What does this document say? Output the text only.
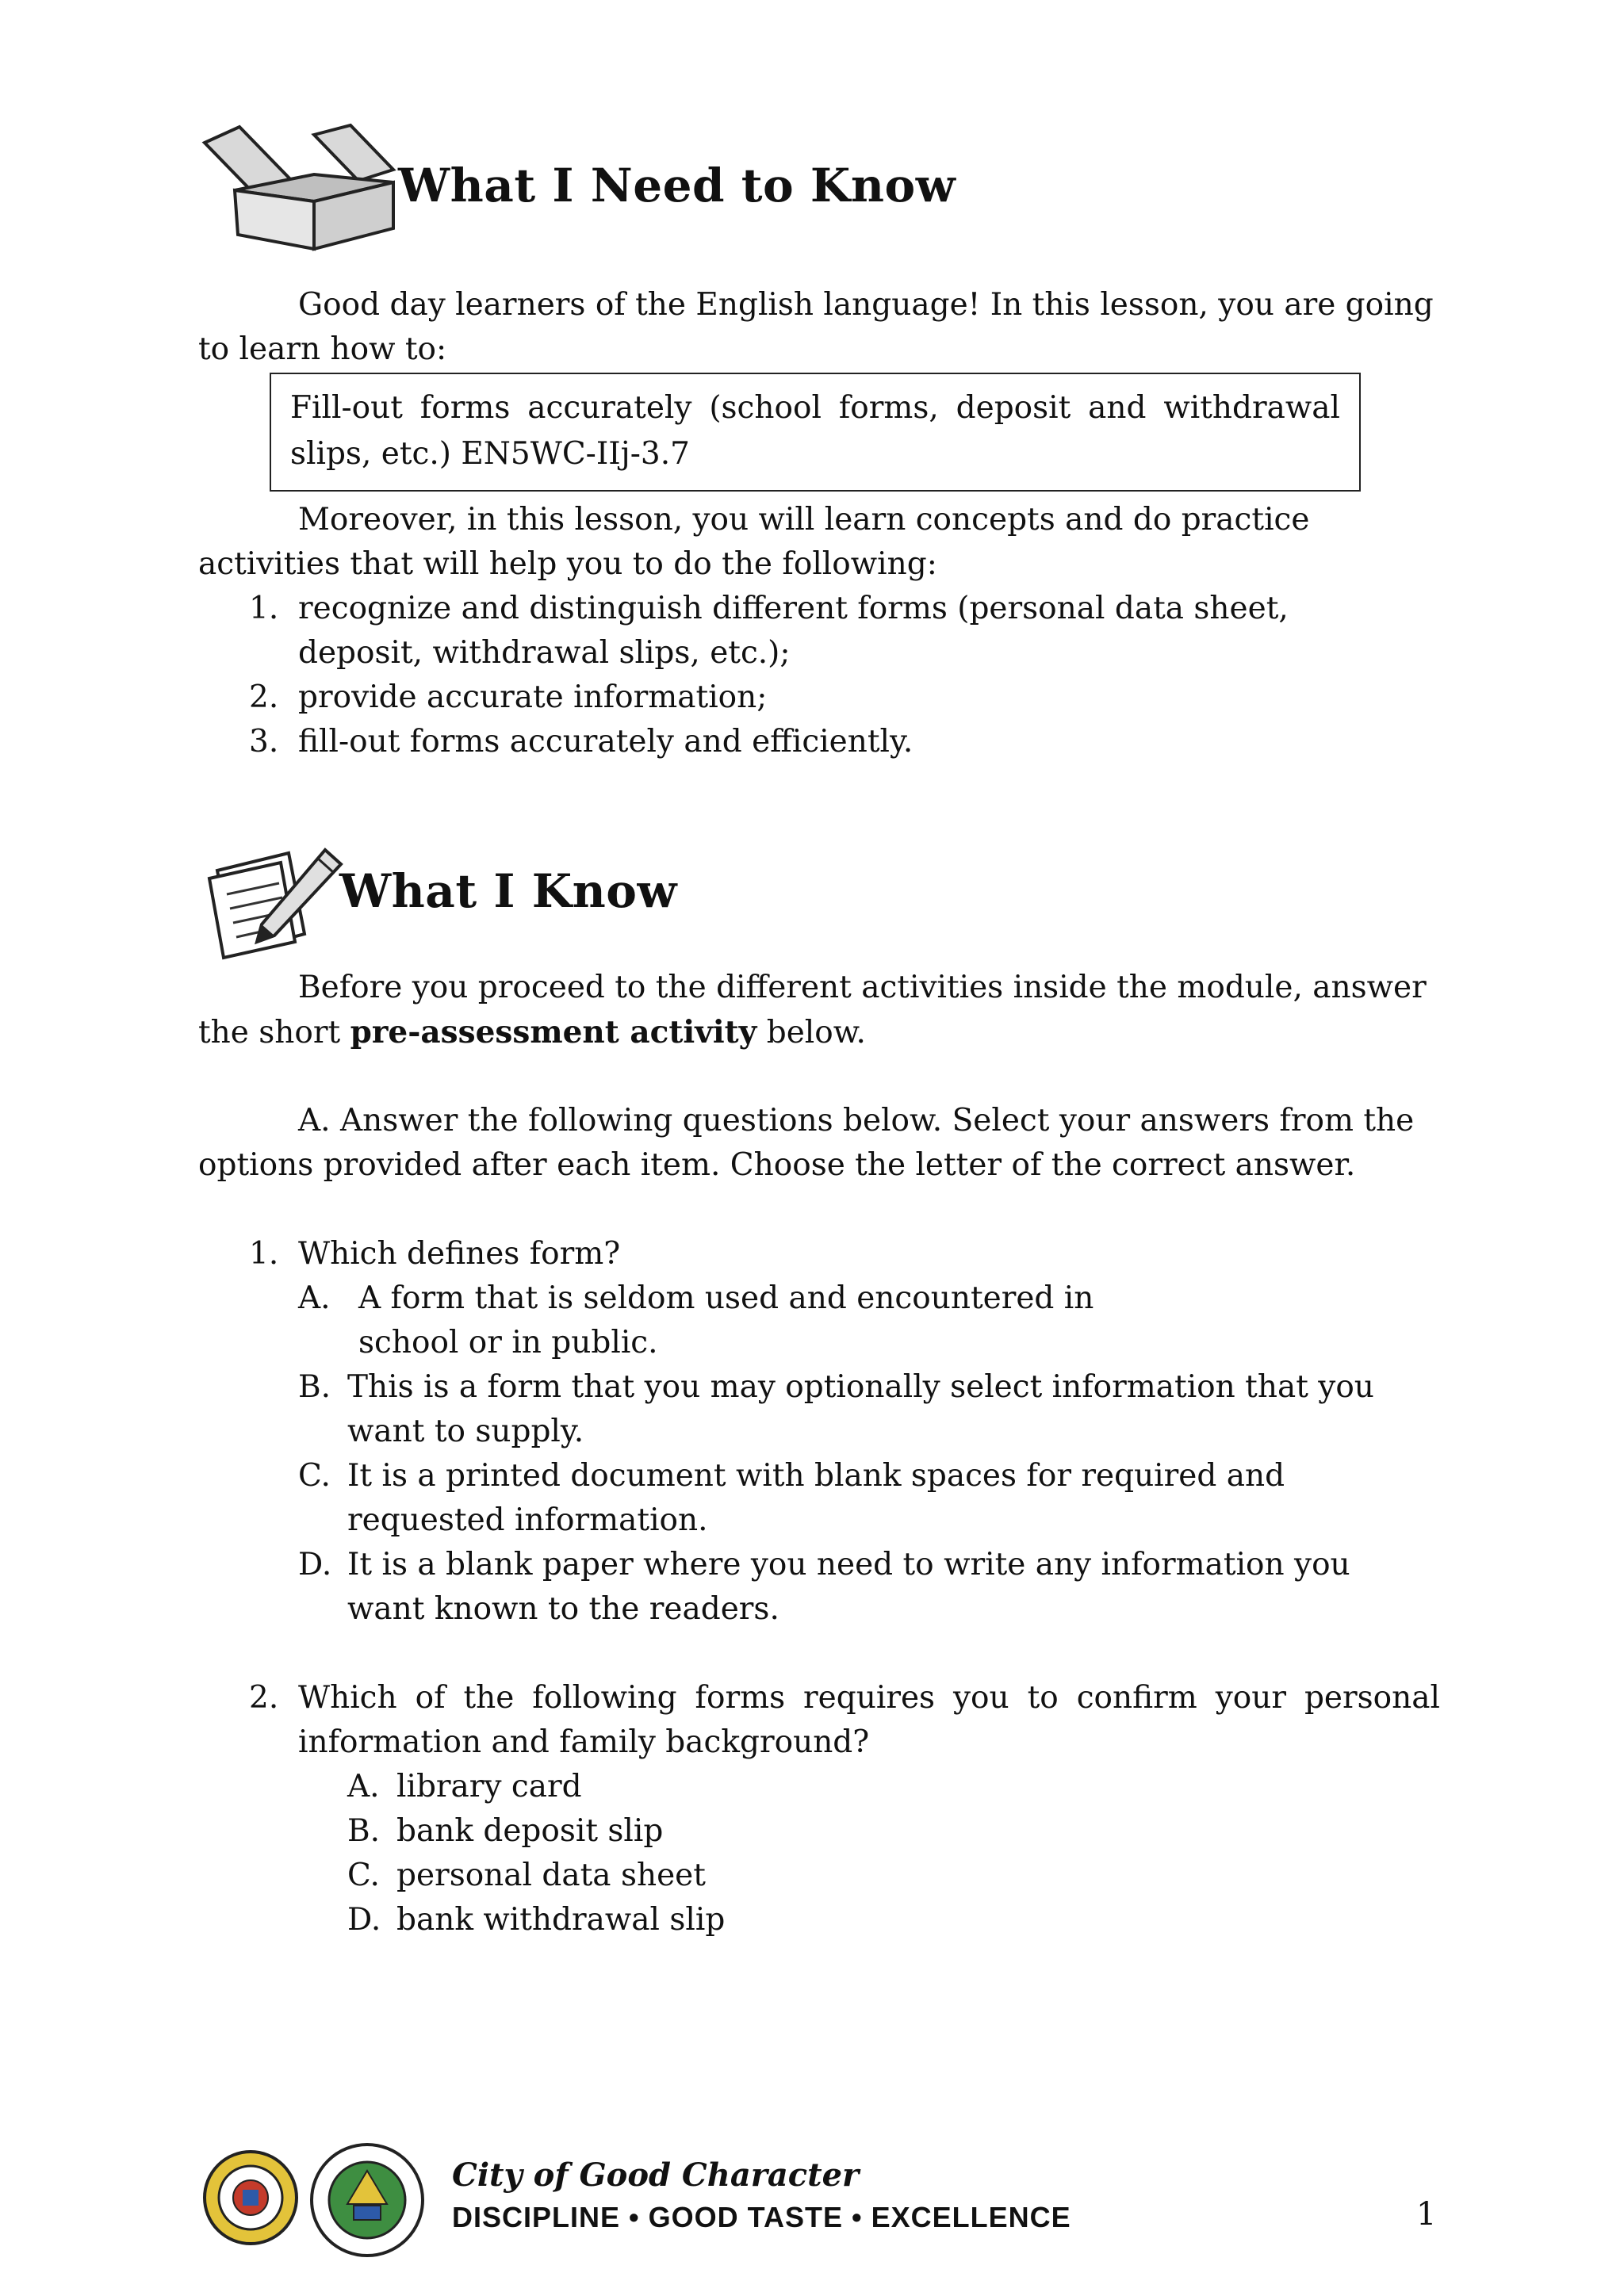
What I Need to Know
Good day learners of the English language! In this lesson, you are going to learn how to:
Fill-out forms accurately (school forms, deposit and withdrawal slips, etc.) EN5WC-IIj-3.7
Moreover, in this lesson, you will learn concepts and do practice activities that will help you to do the following:
1. recognize and distinguish different forms (personal data sheet, deposit, withdrawal slips, etc.);
2. provide accurate information;
3. fill-out forms accurately and efficiently.
What I Know
Before you proceed to the different activities inside the module, answer the short pre-assessment activity below.
A. Answer the following questions below. Select your answers from the options provided after each item. Choose the letter of the correct answer.
1. Which defines form?
A. A form that is seldom used and encountered in school or in public.
B. This is a form that you may optionally select information that you want to supply.
C. It is a printed document with blank spaces for required and requested information.
D. It is a blank paper where you need to write any information you want known to the readers.
2. Which of the following forms requires you to confirm your personal information and family background?
A. library card
B. bank deposit slip
C. personal data sheet
D. bank withdrawal slip
City of Good Character
DISCIPLINE • GOOD TASTE • EXCELLENCE	1
